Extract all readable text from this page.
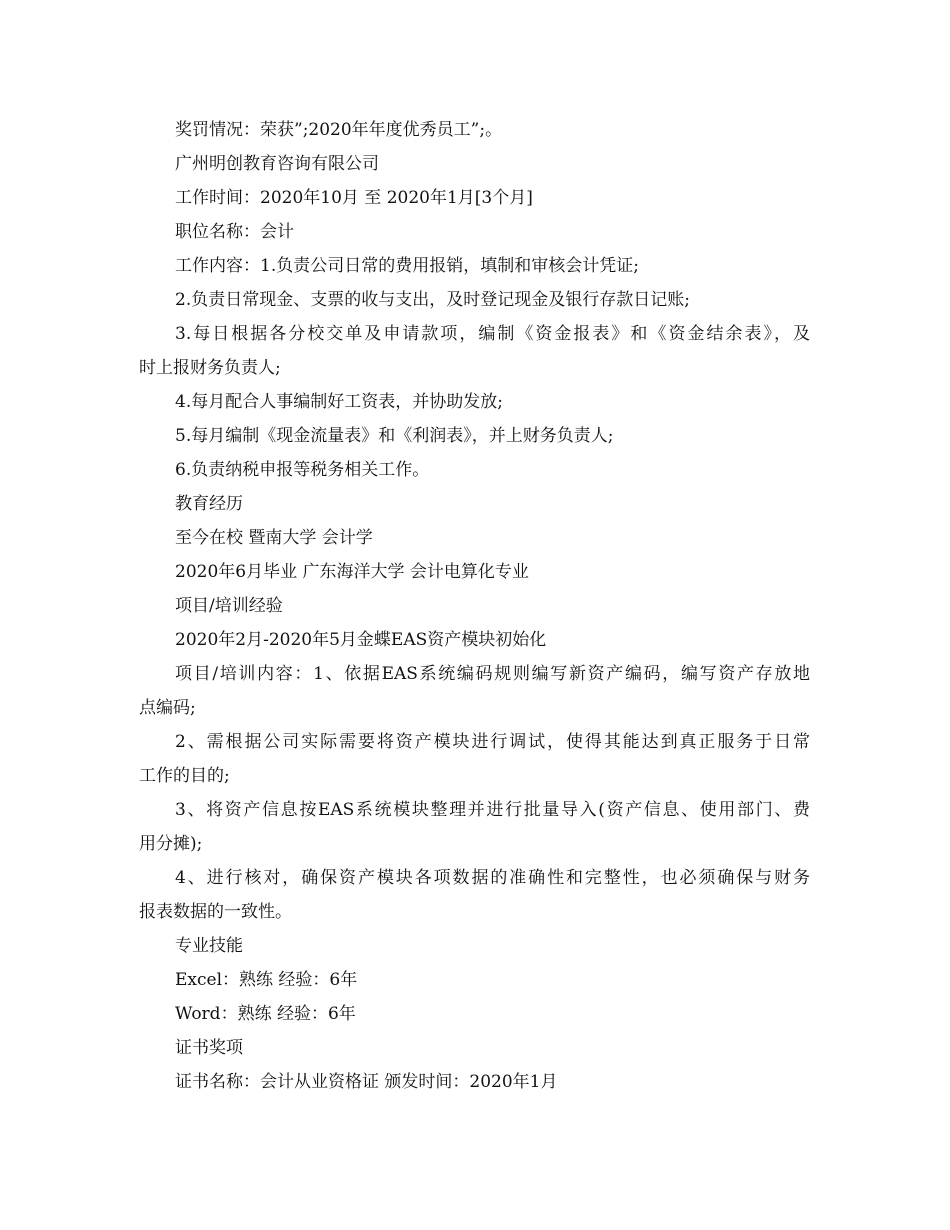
奖罚情况：荣获”;2020年年度优秀员工”;。
广州明创教育咨询有限公司
工作时间：2020年10月 至 2020年1月[3个月]
职位名称：会计
工作内容：1.负责公司日常的费用报销，填制和审核会计凭证;
2.负责日常现金、支票的收与支出，及时登记现金及银行存款日记账;
3.每日根据各分校交单及申请款项，编制《资金报表》和《资金结余表》，及
时上报财务负责人;
4.每月配合人事编制好工资表，并协助发放;
5.每月编制《现金流量表》和《利润表》，并上财务负责人;
6.负责纳税申报等税务相关工作。
教育经历
至今在校 暨南大学 会计学
2020年6月毕业 广东海洋大学 会计电算化专业
项目/培训经验
2020年2月-2020年5月金蝶EAS资产模块初始化
项目/培训内容：1、依据EAS系统编码规则编写新资产编码，编写资产存放地
点编码;
2、需根据公司实际需要将资产模块进行调试，使得其能达到真正服务于日常
工作的目的;
3、将资产信息按EAS系统模块整理并进行批量导入(资产信息、使用部门、费
用分摊);
4、进行核对，确保资产模块各项数据的准确性和完整性，也必须确保与财务
报表数据的一致性。
专业技能
Excel：熟练 经验：6年
Word：熟练 经验：6年
证书奖项
证书名称：会计从业资格证 颁发时间：2020年1月
